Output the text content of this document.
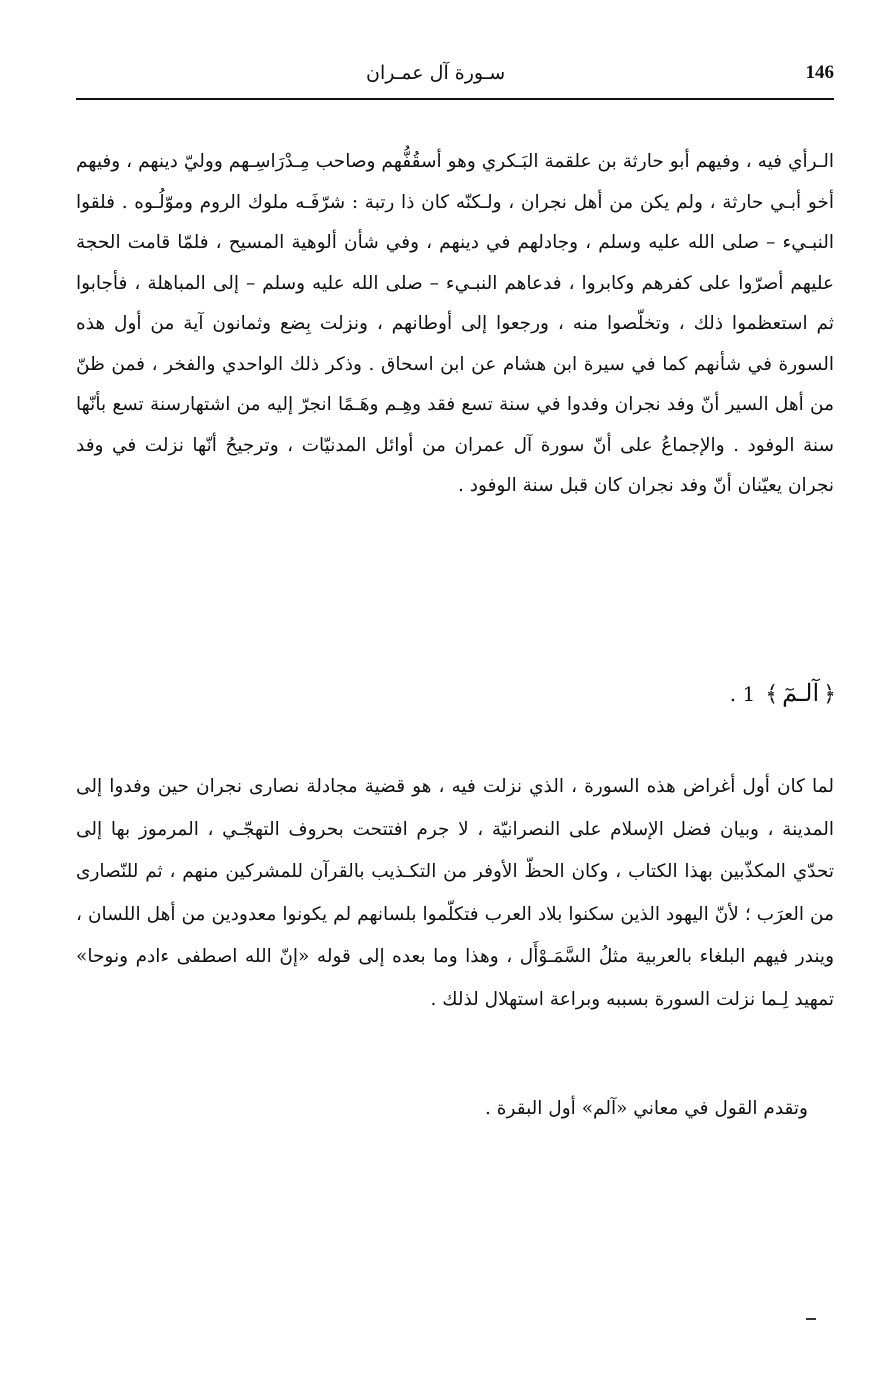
سـورة آل عمـران	146

الـرأي فيه ، وفيهم أبو حارثة بن علقمة البَـكري وهو أسقُفُّهم وصاحب مِـدْرَاسِـهم ووليّ دينهم ، وفيهم أخو أبـي حارثة ، ولم يكن من أهل نجران ، ولـكنّه كان ذا رتبة : شرّفَـه ملوك الروم وموّلُـوه . فلقوا النبـيء – صلى الله عليه وسلم ، وجادلهم في دينهم ، وفي شأن ألوهية المسيح ، فلمّا قامت الحجة عليهم أصرّوا على كفرهم وكابروا ، فدعاهم النبـيء – صلى الله عليه وسلم – إلى المباهلة ، فأجابوا ثم استعظموا ذلك ، وتخلّصوا منه ، ورجعوا إلى أوطانهم ، ونزلت بِضع وثمانون آية من أول هذه السورة في شأنهم كما في سيرة ابن هشام عن ابن اسحاق . وذكر ذلك الواحدي والفخر ، فمن ظنّ من أهل السير أنّ وفد نجران وفدوا في سنة تسع فقد وهِـم وهَـمًا انجرّ إليه من اشتهارسنة تسع بأنّها سنة الوفود . والإجماعُ على أنّ سورة آل عمران من أوائل المدنيّات ، وترجيحُ أنّها نزلت في وفد نجران يعيّنان أنّ وفد نجران كان قبل سنة الوفود .

﴿آلـمٓ﴾1 .

لما كان أول أغراض هذه السورة ، الذي نزلت فيه ، هو قضية مجادلة نصارى نجران حين وفدوا إلى المدينة ، وبيان فضل الإسلام على النصرانيّة ، لا جرم افتتحت بحروف التهجّـي ، المرموز بها إلى تحدّي المكذّبين بهذا الكتاب ، وكان الحظّ الأوفر من التكـذيب بالقرآن للمشركين منهم ، ثم للنّصارى من العرَب ؛ لأنّ اليهود الذين سكنوا بلاد العرب فتكلّموا بلسانهم لم يكونوا معدودين من أهل اللسان ، ويندر فيهم البلغاء بالعربية مثلُ السَّمَـوْأَل ، وهذا وما بعده إلى قوله «إنّ الله اصطفى ءادم ونوحا» تمهيد لِـما نزلت السورة بسببه وبراعة استهلال لذلك .

وتقدم القول في معاني «آلم» أول البقرة .
